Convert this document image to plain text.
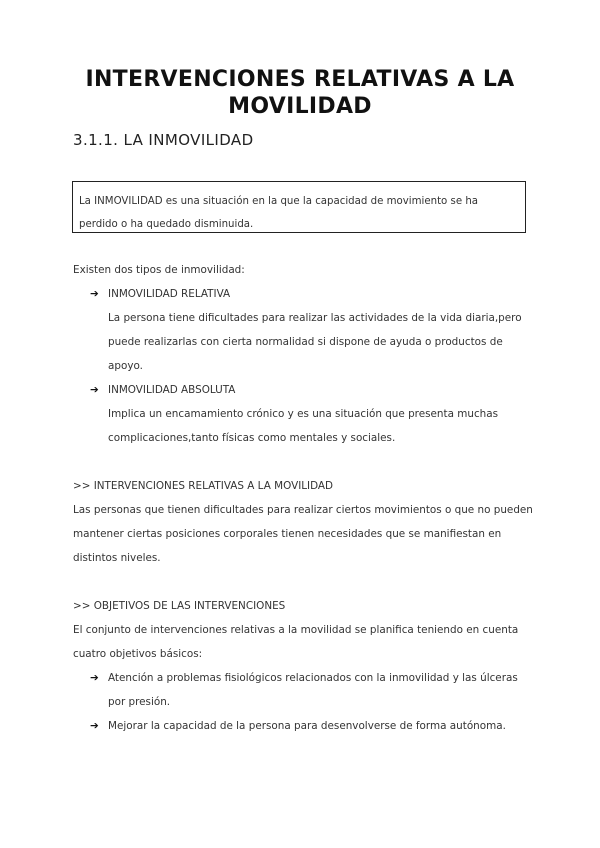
INTERVENCIONES RELATIVAS A LA MOVILIDAD
3.1.1. LA INMOVILIDAD
La INMOVILIDAD es una situación en la que la capacidad de movimiento se ha perdido o ha quedado disminuida.
Existen dos tipos de inmovilidad:
➔ INMOVILIDAD RELATIVA
La persona tiene dificultades para realizar las actividades de la vida diaria,pero puede realizarlas con cierta normalidad si dispone de ayuda o productos de apoyo.
➔ INMOVILIDAD ABSOLUTA
Implica un encamamiento crónico y es una situación que presenta muchas complicaciones,tanto físicas como mentales y sociales.
>> INTERVENCIONES RELATIVAS A LA MOVILIDAD
Las personas que tienen dificultades para realizar ciertos movimientos o que no pueden mantener ciertas posiciones corporales tienen necesidades que se manifiestan en distintos niveles.
>> OBJETIVOS DE LAS INTERVENCIONES
El conjunto de intervenciones relativas a la movilidad se planifica teniendo en cuenta cuatro objetivos básicos:
➔ Atención a problemas fisiológicos relacionados con la inmovilidad y las úlceras por presión.
➔ Mejorar la capacidad de la persona para desenvolverse de forma autónoma.
